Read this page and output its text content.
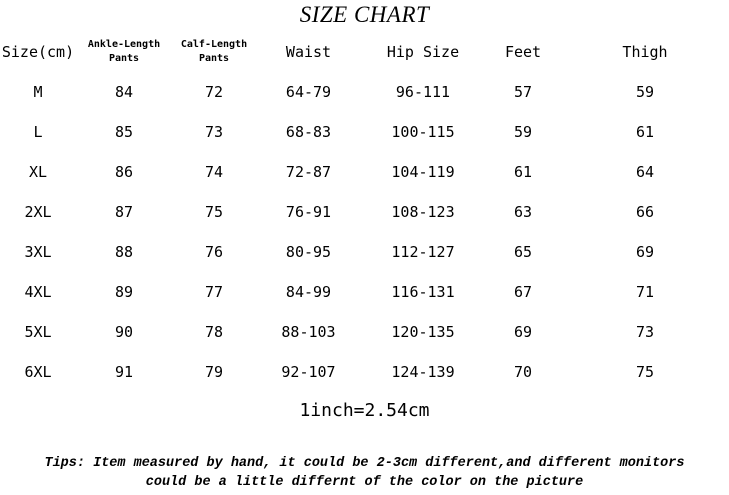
SIZE CHART
Size(cm)	Ankle-Length Pants	Calf-Length Pants	Waist	Hip Size	Feet	Thigh
M	84	72	64-79	96-111	57	59
L	85	73	68-83	100-115	59	61
XL	86	74	72-87	104-119	61	64
2XL	87	75	76-91	108-123	63	66
3XL	88	76	80-95	112-127	65	69
4XL	89	77	84-99	116-131	67	71
5XL	90	78	88-103	120-135	69	73
6XL	91	79	92-107	124-139	70	75
1inch=2.54cm
Tips: Item measured by hand, it could be 2-3cm different,and different monitors
could be a little differnt of the color on the picture
